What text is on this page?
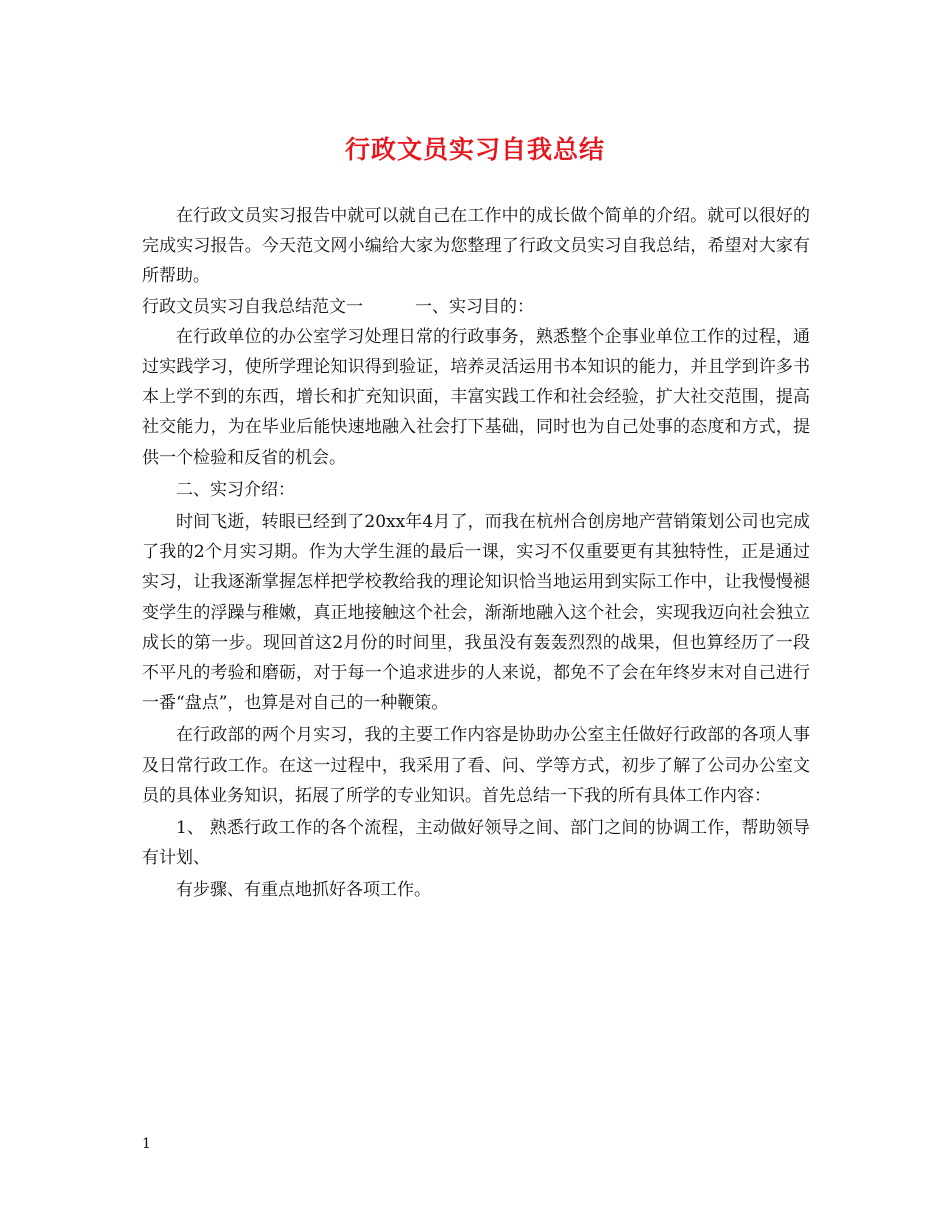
行政文员实习自我总结

在行政文员实习报告中就可以就自己在工作中的成长做个简单的介绍。就可以很好的完成实习报告。今天范文网小编给大家为您整理了行政文员实习自我总结，希望对大家有所帮助。

行政文员实习自我总结范文一	一、实习目的：

在行政单位的办公室学习处理日常的行政事务，熟悉整个企事业单位工作的过程，通过实践学习，使所学理论知识得到验证，培养灵活运用书本知识的能力，并且学到许多书本上学不到的东西，增长和扩充知识面，丰富实践工作和社会经验，扩大社交范围，提高社交能力，为在毕业后能快速地融入社会打下基础，同时也为自己处事的态度和方式，提供一个检验和反省的机会。

二、实习介绍：

时间飞逝，转眼已经到了20xx年4月了，而我在杭州合创房地产营销策划公司也完成了我的2个月实习期。作为大学生涯的最后一课，实习不仅重要更有其独特性，正是通过实习，让我逐渐掌握怎样把学校教给我的理论知识恰当地运用到实际工作中，让我慢慢褪变学生的浮躁与稚嫩，真正地接触这个社会，渐渐地融入这个社会，实现我迈向社会独立成长的第一步。现回首这2月份的时间里，我虽没有轰轰烈烈的战果，但也算经历了一段不平凡的考验和磨砺，对于每一个追求进步的人来说，都免不了会在年终岁末对自己进行一番“盘点”，也算是对自己的一种鞭策。

在行政部的两个月实习，我的主要工作内容是协助办公室主任做好行政部的各项人事及日常行政工作。在这一过程中，我采用了看、问、学等方式，初步了解了公司办公室文员的具体业务知识，拓展了所学的专业知识。首先总结一下我的所有具体工作内容：

1、 熟悉行政工作的各个流程，主动做好领导之间、部门之间的协调工作，帮助领导有计划、

有步骤、有重点地抓好各项工作。

1
